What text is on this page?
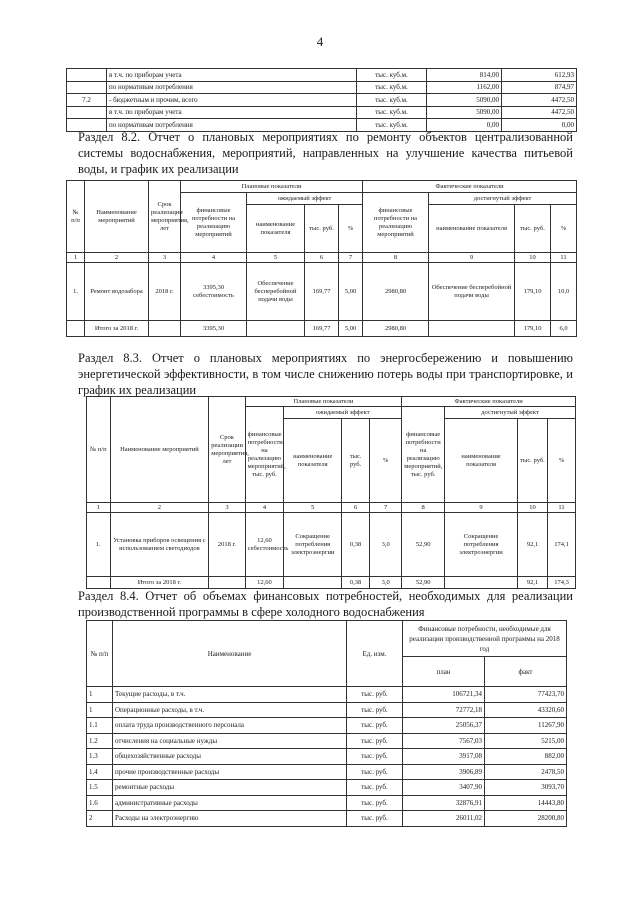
4
	в т.ч. по приборам учета	тыс. куб.м.	814,00	612,93
	по нормативам потребления	тыс. куб.м.	1162,00	874,97
7.2	- бюджетным и прочим, всего	тыс. куб.м.	5090,00	4472,50
	в т.ч. по приборам учета	тыс. куб.м.	5090,00	4472,50
	по нормативам потребления	тыс. куб.м.	0,00	0,00
Раздел 8.2. Отчет о плановых мероприятиях по ремонту объектов централизованной системы водоснабжения, мероприятий, направленных на улучшение качества питьевой воды, и график их реализации
№ п/п	Наименование мероприятий	Срок реализации мероприятия, лет	Плановые показатели				Фактические показатели			
			финансовые потребности на реализацию мероприятий	ожидаемый эффект			финансовые потребности на реализацию мероприятий	достигнутый эффект		
				наименование показателя	тыс. руб.	%		наименование показателя	тыс. руб.	%
1	2	3	4	5	6	7	8	9	10	11
1.	Ремонт водозабора	2018 г.	3395,30 себестоимость	Обеспечение бесперебойной подачи воды	169,77	5,00	2980,80	Обеспечение бесперебойной подачи воды	179,10	10,0
	Итого за 2018 г.		3395,30		169,77	5,00	2980,80		179,10	6,0
Раздел 8.3. Отчет о плановых мероприятиях по энергосбережению и повышению энергетической эффективности, в том числе снижению потерь воды при транспортировке, и график их реализации
№ п/п	Наименование мероприятий	Срок реализации мероприятия, лет	Плановые показатели				Фактические показатели			
			финансовые потребности на реализацию мероприятий, тыс. руб.	ожидаемый эффект			финансовые потребности на реализацию мероприятий, тыс. руб.	достигнутый эффект		
				наименование показателя	тыс. руб.	%		наименование показателя	тыс. руб.	%
1	2	3	4	5	6	7	8	9	10	11
1.	Установка приборов освещения с использованием светодиодов	2018 г.	12,60 себестоимость	Сокращение потребления электроэнергии	0,38	3,0	52,90	Сокращение потребления электроэнергии	92,1	174,1
	Итого за 2018 г.		12,60		0,38	3,0	52,90		92,1	174,3
Раздел 8.4. Отчет об объемах финансовых потребностей, необходимых для реализации производственной программы в сфере холодного водоснабжения
№ п/п	Наименование	Ед. изм.	Финансовые потребности, необходимые для реализации производственной программы на 2018 год	
			план	факт
1	Текущие расходы, в т.ч.	тыс. руб.	106721,34	77423,70
1	Операционные расходы, в т.ч.	тыс. руб.	72772,18	43320,60
1.1	оплата труда производственного персонала	тыс. руб.	25056,37	11267,90
1.2	отчисления на социальные нужды	тыс. руб.	7567,03	5215,00
1.3	общехозяйственные расходы	тыс. руб.	3917,08	882,00
1.4	прочие производственные расходы	тыс. руб.	3906,89	2478,50
1.5	ремонтные расходы	тыс. руб.	3407,90	3093,70
1.6	административные расходы	тыс. руб.	32876,91	14443,80
2	Расходы на электроэнергию	тыс. руб.	26011,02	28200,80
